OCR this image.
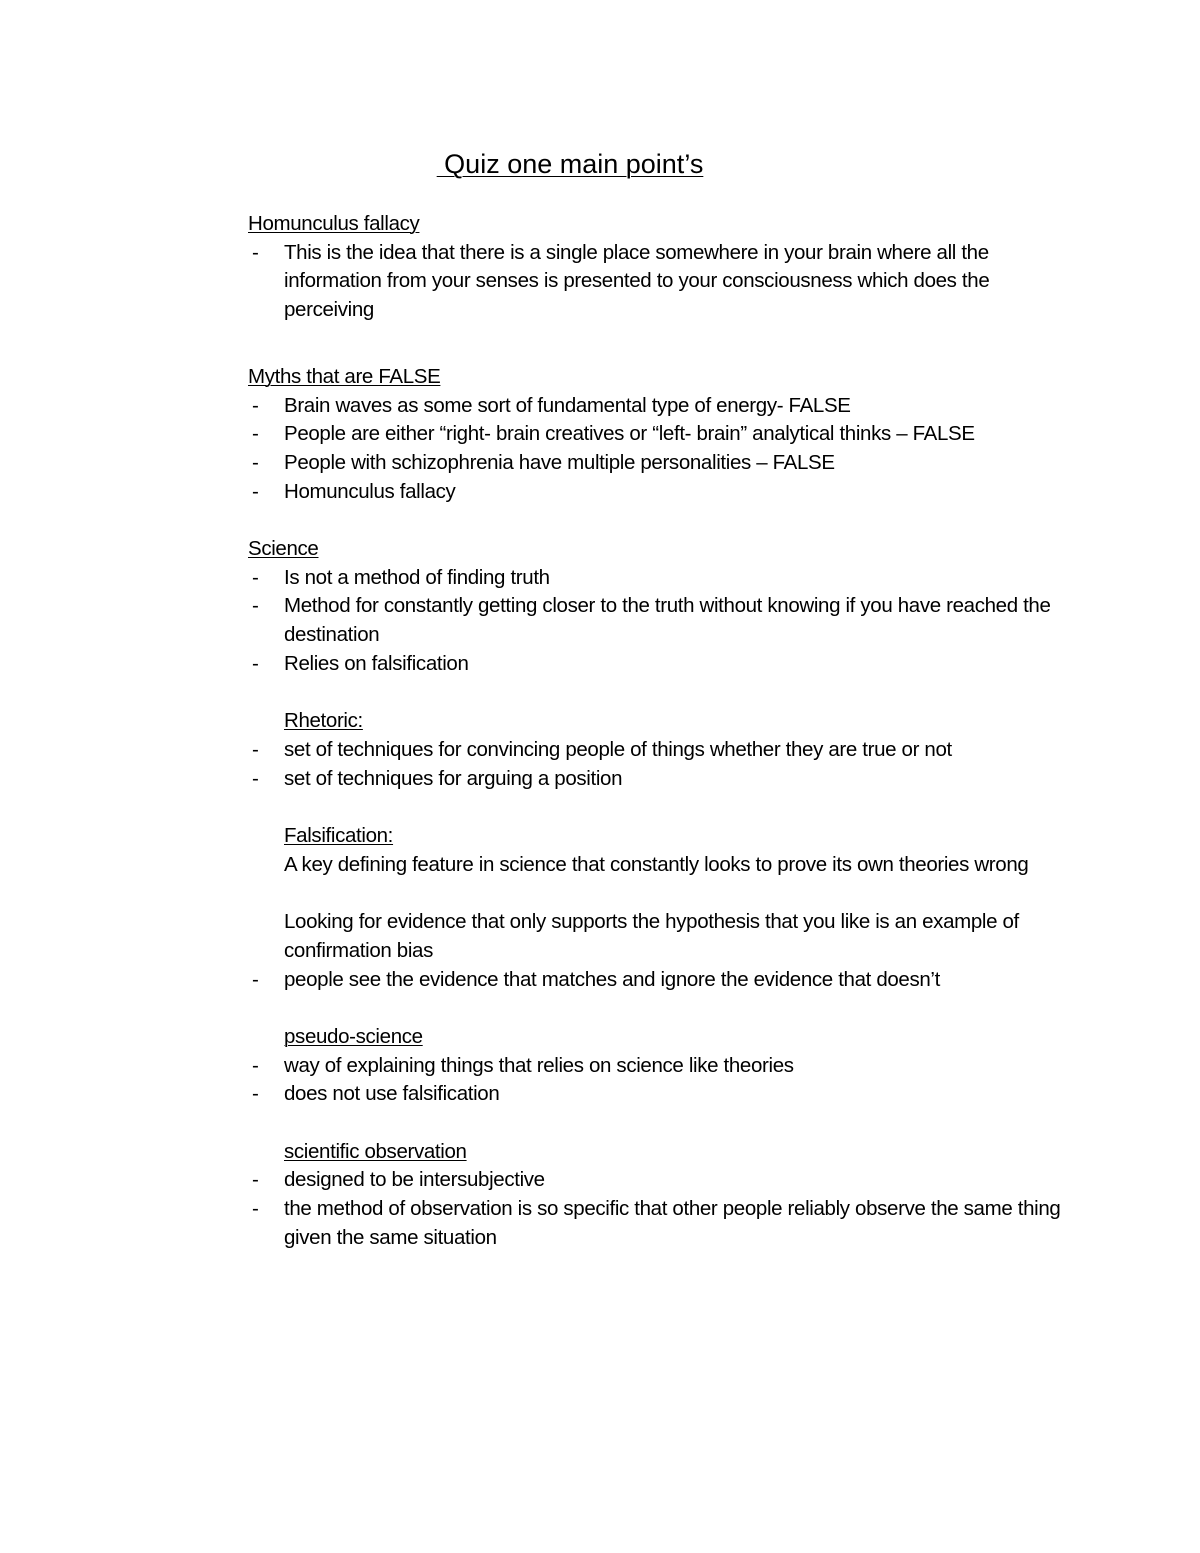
Quiz one main point’s
Homunculus fallacy
- This is the idea that there is a single place somewhere in your brain where all the information from your senses is presented to your consciousness which does the perceiving
Myths that are FALSE
- Brain waves as some sort of fundamental type of energy- FALSE
- People are either “right- brain creatives or “left- brain” analytical thinks – FALSE
- People with schizophrenia have multiple personalities – FALSE
- Homunculus fallacy
Science
- Is not a method of finding truth
- Method for constantly getting closer to the truth without knowing if you have reached the destination
- Relies on falsification
Rhetoric:
- set of techniques for convincing people of things whether they are true or not
- set of techniques for arguing a position
Falsification:

A key defining feature in science that constantly looks to prove its own theories wrong

Looking for evidence that only supports the hypothesis that you like is an example of confirmation bias

- people see the evidence that matches and ignore the evidence that doesn’t
pseudo-science
- way of explaining things that relies on science like theories
- does not use falsification
scientific observation
- designed to be intersubjective
- the method of observation is so specific that other people reliably observe the same thing given the same situation
